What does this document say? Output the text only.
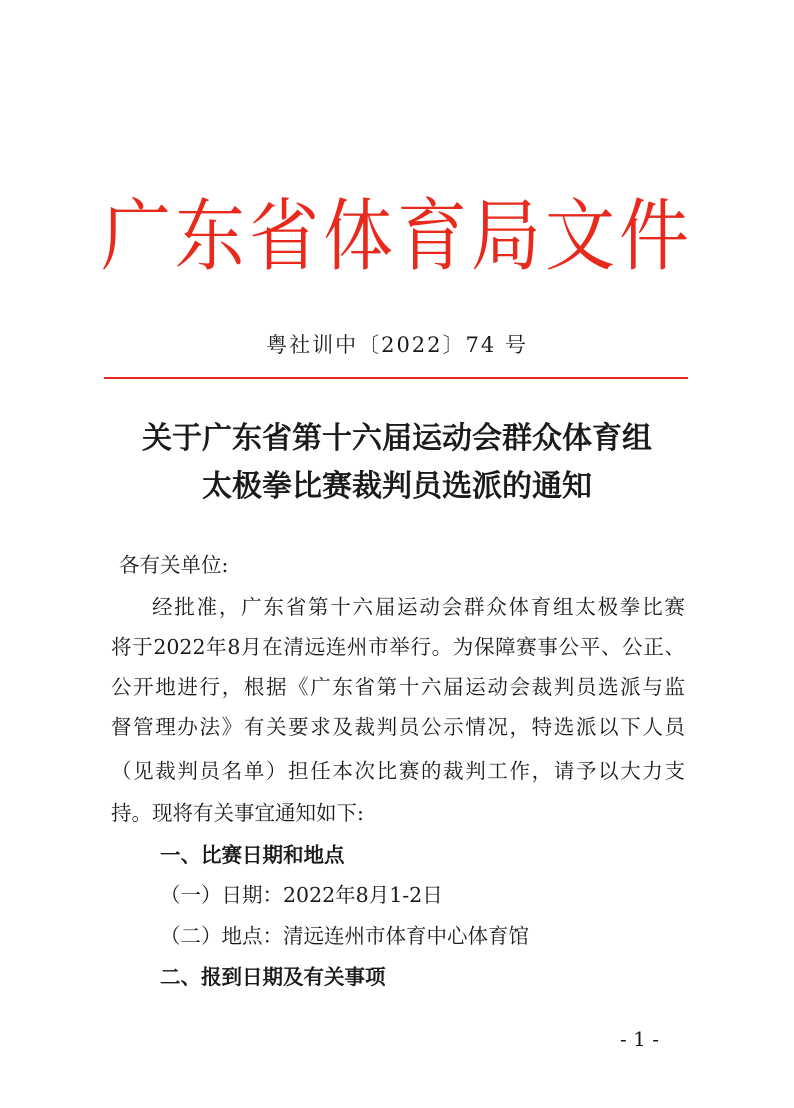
广东省体育局文件
粤社训中〔2022〕74 号
关于广东省第十六届运动会群众体育组
太极拳比赛裁判员选派的通知
各有关单位:
经批准，广东省第十六届运动会群众体育组太极拳比赛
将于2022年8月在清远连州市举行。为保障赛事公平、公正、
公开地进行，根据《广东省第十六届运动会裁判员选派与监
督管理办法》有关要求及裁判员公示情况，特选派以下人员
（见裁判员名单）担任本次比赛的裁判工作，请予以大力支
持。现将有关事宜通知如下:
一、比赛日期和地点
（一）日期：2022年8月1-2日
（二）地点：清远连州市体育中心体育馆
二、报到日期及有关事项
- 1 -
